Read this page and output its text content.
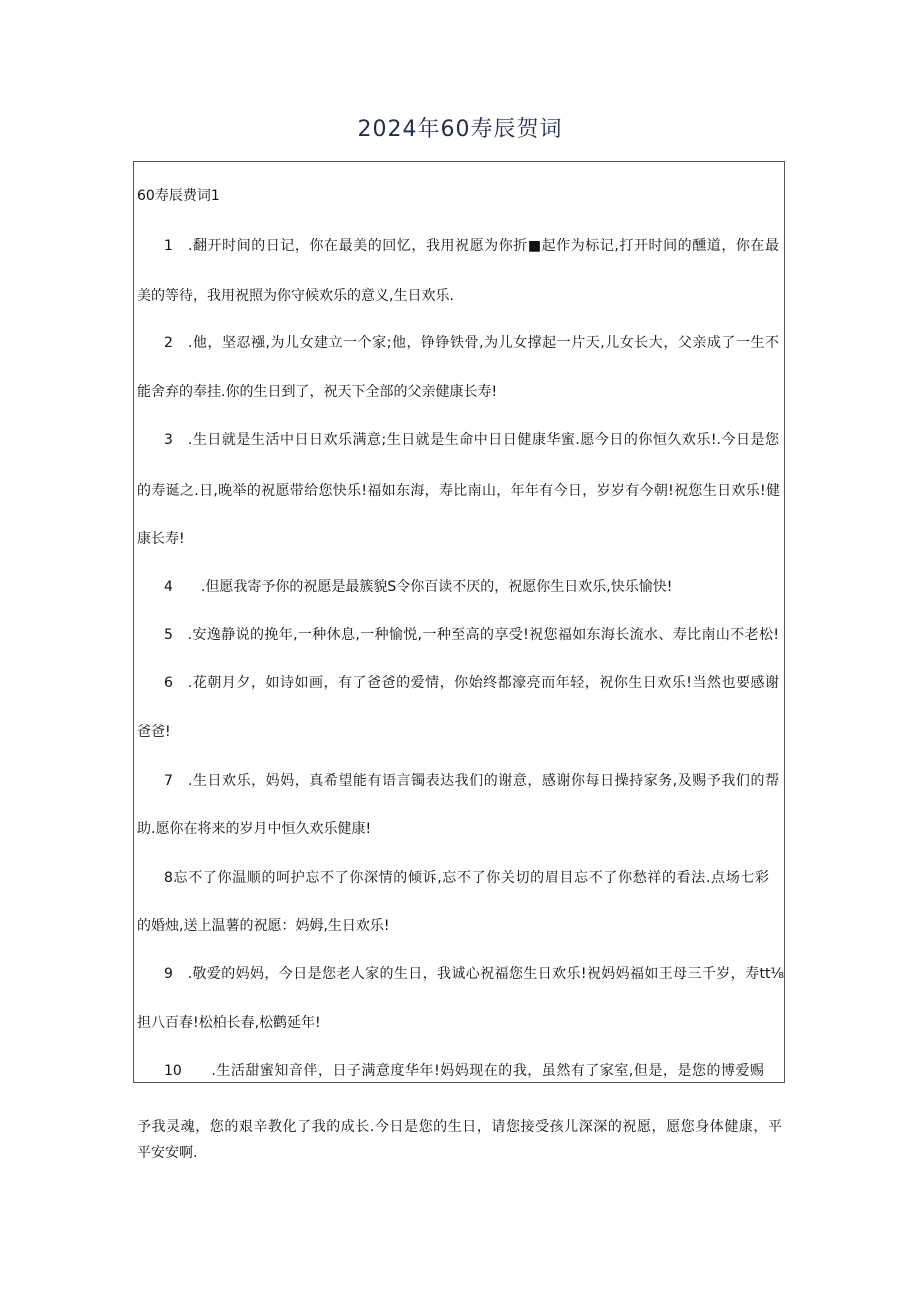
2024年60寿辰贺词
60寿辰费词1
1　.翻开时间的日记，你在最美的回忆，我用祝愿为你折■起作为标记,打开时间的醺道，你在最
美的等待，我用祝照为你守候欢乐的意义,生日欢乐.
2　.他，坚忍襁,为儿女建立一个家;他，铮铮铁骨,为儿女撑起一片天,儿女长大，父亲成了一生不
能舍弃的奉挂.你的生日到了，祝天下全部的父亲健康长寿!
3　.生日就是生活中日日欢乐满意;生日就是生命中日日健康华蜜.愿今日的你恒久欢乐!.今日是您
的寿诞之.日,晚举的祝愿带给您快乐!福如东海，寿比南山，年年有今日，岁岁有今朝!祝您生日欢乐!健
康长寿!
4　　.但愿我寄予你的祝愿是最簇貌S令你百读不厌的，祝愿你生日欢乐,快乐愉快!
5　.安逸静说的挽年,一种休息,一种愉悦,一种至高的享受!祝您福如东海长流水、寿比南山不老松!
6　.花朝月夕，如诗如画，有了爸爸的爱情，你始终都濠亮而年轻，祝你生日欢乐!当然也要感谢
爸爸!
7　.生日欢乐，妈妈，真希望能有语言镯表达我们的谢意，感谢你每日操持家务,及赐予我们的帮
助.愿你在将来的岁月中恒久欢乐健康!
8忘不了你温顺的呵护忘不了你深情的倾诉,忘不了你关切的眉目忘不了你愁祥的看法.点场七彩
的婚烛,送上温薯的祝愿：妈姆,生日欢乐!
9　.敬爱的妈妈，今日是您老人家的生日，我诚心祝福您生日欢乐!祝妈妈福如王母三千岁，寿tt⅛
担八百春!松柏长春,松鹳延年!
10　　.生活甜蜜知音伴，日子满意度华年!妈妈现在的我，虽然有了家室,但是，是您的博爱赐
予我灵魂，您的艰辛教化了我的成长.今日是您的生日，请您接受孩儿深深的祝愿，愿您身体健康，平
平安安啊.
